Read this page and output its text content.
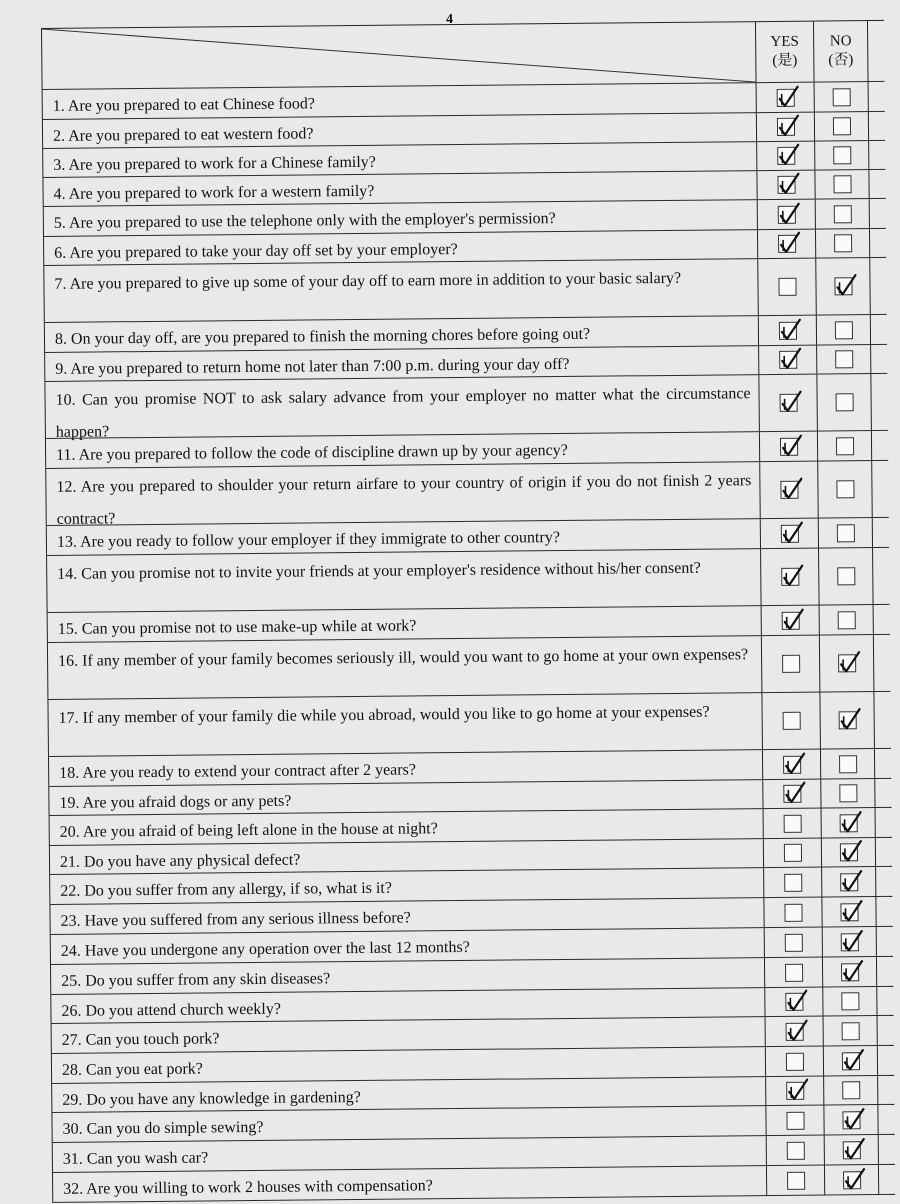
4
YES
(是)
NO
(否)
1. Are you prepared to eat Chinese food?
2. Are you prepared to eat western food?
3. Are you prepared to work for a Chinese family?
4. Are you prepared to work for a western family?
5. Are you prepared to use the telephone only with the employer's permission?
6. Are you prepared to take your day off set by your employer?
7. Are you prepared to give up some of your day off to earn more in addition to your basic salary?
8. On your day off, are you prepared to finish the morning chores before going out?
9. Are you prepared to return home not later than 7:00 p.m. during your day off?
10. Can you promise NOT to ask salary advance from your employer no matter what the circumstance happen?
11. Are you prepared to follow the code of discipline drawn up by your agency?
12. Are you prepared to shoulder your return airfare to your country of origin if you do not finish 2 years contract?
13. Are you ready to follow your employer if they immigrate to other country?
14. Can you promise not to invite your friends at your employer's residence without his/her consent?
15. Can you promise not to use make-up while at work?
16. If any member of your family becomes seriously ill, would you want to go home at your own expenses?
17. If any member of your family die while you abroad, would you like to go home at your expenses?
18. Are you ready to extend your contract after 2 years?
19. Are you afraid dogs or any pets?
20. Are you afraid of being left alone in the house at night?
21. Do you have any physical defect?
22. Do you suffer from any allergy, if so, what is it?
23. Have you suffered from any serious illness before?
24. Have you undergone any operation over the last 12 months?
25. Do you suffer from any skin diseases?
26. Do you attend church weekly?
27. Can you touch pork?
28. Can you eat pork?
29. Do you have any knowledge in gardening?
30. Can you do simple sewing?
31. Can you wash car?
32. Are you willing to work 2 houses with compensation?
